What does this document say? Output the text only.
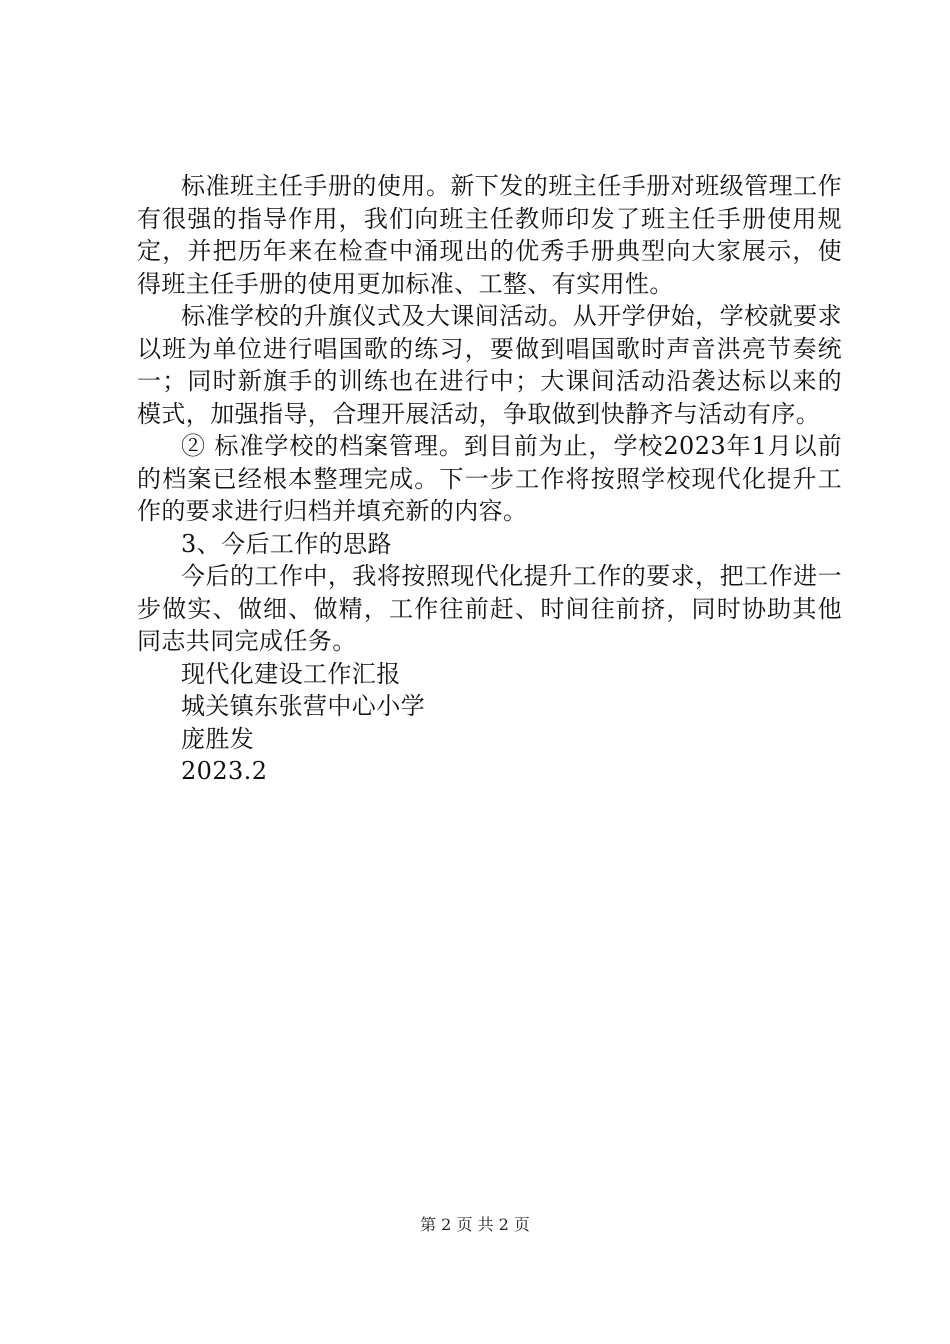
标准班主任手册的使用。新下发的班主任手册对班级管理工作有很强的指导作用，我们向班主任教师印发了班主任手册使用规定，并把历年来在检查中涌现出的优秀手册典型向大家展示，使得班主任手册的使用更加标准、工整、有实用性。

标准学校的升旗仪式及大课间活动。从开学伊始，学校就要求以班为单位进行唱国歌的练习，要做到唱国歌时声音洪亮节奏统一；同时新旗手的训练也在进行中；大课间活动沿袭达标以来的模式，加强指导，合理开展活动，争取做到快静齐与活动有序。

② 标准学校的档案管理。到目前为止，学校2023年1月以前的档案已经根本整理完成。下一步工作将按照学校现代化提升工作的要求进行归档并填充新的内容。

3、今后工作的思路

今后的工作中，我将按照现代化提升工作的要求，把工作进一步做实、做细、做精，工作往前赶、时间往前挤，同时协助其他同志共同完成任务。

现代化建设工作汇报

城关镇东张营中心小学

庞胜发

2023.2

第 2 页 共 2 页
